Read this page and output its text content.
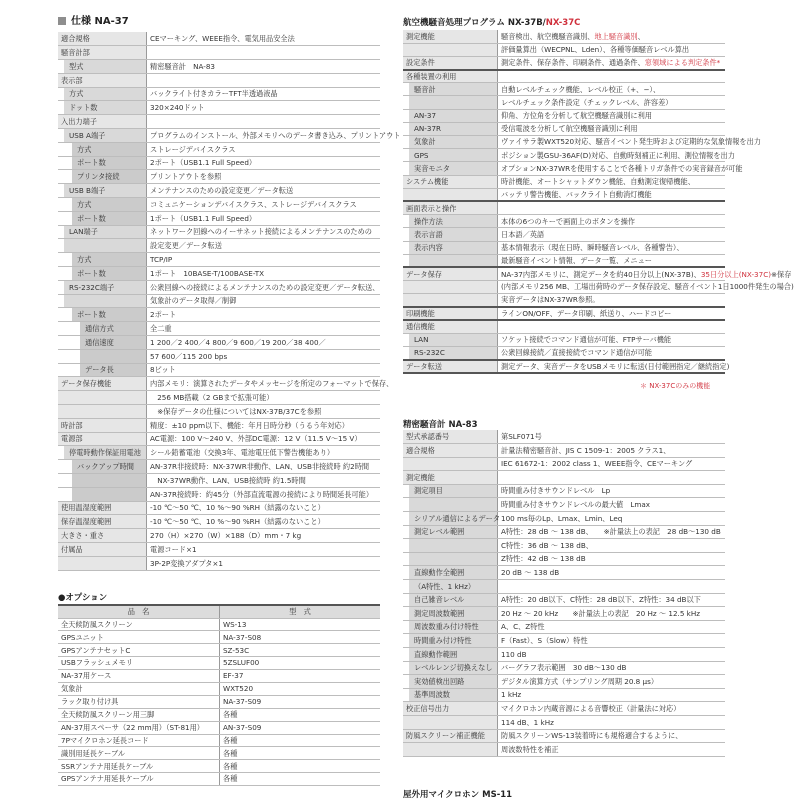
仕様 NA-37
適合規格	CEマーキング、WEEE指令、電気用品安全法
騒音計部	
型式	精密騒音計　NA-83
表示部	
方式	バックライト付きカラーTFT半透過液晶
ドット数	320×240ドット
入出力端子	
USB A端子	プログラムのインストール、外部メモリへのデータ書き込み、プリントアウト
方式	ストレージデバイスクラス
ポート数	2ポート（USB1.1 Full Speed）
プリンタ接続	プリントアウトを参照
USB B端子	メンテナンスのための設定変更／データ転送
方式	コミュニケーションデバイスクラス、ストレージデバイスクラス
ポート数	1ポート（USB1.1 Full Speed）
LAN端子	ネットワーク回線へのイーサネット接続によるメンテナンスのための
	設定変更／データ転送
方式	TCP/IP
ポート数	1ポート　10BASE-T/100BASE-TX
RS-232C端子	公衆回線への接続によるメンテナンスのための設定変更／データ転送、
	気象計のデータ取得／制御
ポート数	2ポート
通信方式	全二重
通信速度	1 200／2 400／4 800／9 600／19 200／38 400／
	57 600／115 200 bps
データ長	8ビット
データ保存機能	内部メモリ：演算されたデータやメッセージを所定のフォーマットで保存、
	　256 MB搭載（2 GBまで拡張可能）
	　※保存データの仕様についてはNX-37B/37Cを参照
時計部	精度：±10 ppm以下、機能：年月日時分秒（うるう年対応）
電源部	AC電源：100 V～240 V、外部DC電源：12 V（11.5 V～15 V）
停電時動作保証用電池	シール鉛蓄電池（交換3年、電池電圧低下警告機能あり）
バックアップ時間	AN-37R非接続時：NX-37WR非動作、LAN、USB非接続時 約2時間
	　NX-37WR動作、LAN、USB接続時 約1.5時間
	AN-37R接続時：約45分（外部直流電源の接続により時間延長可能）
使用温湿度範囲	-10 ℃～50 ℃、10 %～90 %RH（結露のないこと）
保存温湿度範囲	-10 ℃～50 ℃、10 %～90 %RH（結露のないこと）
大きさ・重さ	270（H）×270（W）×188（D）mm・7 kg
付属品	電源コード×1
	3P-2P変換アダプタ×1
●オプション
品　名	型　式
全天候防風スクリーン	WS-13
GPSユニット	NA-37-S08
GPSアンテナセットC	SZ-53C
USBフラッシュメモリ	5ZSLUF00
NA-37用ケース	EF-37
気象計	WXT520
ラック取り付け具	NA-37-S09
全天候防風スクリーン用三脚	各種
AN-37用スペーサ（22 mm用）（ST-81用）	AN-37-S09
7Pマイクロホン延長コード	各種
識別用延長ケーブル	各種
SSRアンテナ用延長ケーブル	各種
GPSアンテナ用延長ケーブル	各種
航空機騒音処理プログラム NX-37B/NX-37C
測定機能	騒音検出、航空機騒音識別、地上騒音識別、
	評価量算出（WECPNL、Lden）、各種等価騒音レベル算出
設定条件	測定条件、保存条件、印刷条件、通過条件、窓領域による判定条件*
各種装置の利用	
騒音計	自動レベルチェック機能、レベル校正（+、−）、
	レベルチェック条件設定（チェックレベル、許容差）
AN-37	仰角、方位角を分析して航空機騒音識別に利用
AN-37R	受信電波を分析して航空機騒音識別に利用
気象計	ヴァイサラ製WXT520対応、騒音イベント発生時および定期的な気象情報を出力
GPS	ポジション製GSU-36AF(D)対応、自動時刻補正に利用、測位情報を出力
実音モニタ	オプションNX-37WRを使用することで各種トリガ条件での実音録音が可能
システム機能	時計機能、オートシャットダウン機能、自動測定復帰機能、
	バッテリ警告機能、バックライト自動消灯機能
画面表示と操作	
操作方法	本体の6つのキーで画面上のボタンを操作
表示言語	日本語／英語
表示内容	基本情報表示（現在日時、瞬時騒音レベル、各種警告）、
	最新騒音イベント情報、データ一覧、メニュー
データ保存	NA-37内部メモリに、測定データを約40日分以上(NX-37B)、35日分以上(NX-37C)※保存
	(内部メモリ256 MB、工場出荷時のデータ保存設定、騒音イベント1日1000件発生の場合)
	実音データはNX-37WR参照。
印刷機能	ラインON/OFF、データ印刷、紙送り、ハードコピー
通信機能	
LAN	ソケット接続でコマンド通信が可能、FTPサーバ機能
RS-232C	公衆回線接続／直接接続でコマンド通信が可能
データ転送	測定データ、実音データをUSBメモリに転送(日付範囲指定／継続指定)
＊ NX-37Cのみの機能
精密騒音計 NA-83
型式承認番号	第SLF071号
適合規格	計量法精密騒音計、JIS C 1509-1：2005 クラス1、
	IEC 61672-1：2002 class 1、WEEE指令、CEマーキング
測定機能	
測定項目	時間重み付きサウンドレベル　Lp
	時間重み付きサウンドレベルの最大値　Lmax
シリアル通信によるデータ	100 ms毎のLp、Lmax、Lmin、Leq
測定レベル範囲	A特性：28 dB ～ 138 dB、　　※計量法上の表記　28 dB～130 dB
	C特性：36 dB ～ 138 dB、
	Z特性：42 dB ～ 138 dB
直線動作全範囲	20 dB ～ 138 dB
（A特性、1 kHz）	
自己雑音レベル	A特性：20 dB以下、C特性：28 dB以下、Z特性：34 dB以下
測定周波数範囲	20 Hz ～ 20 kHz　　※計量法上の表記　20 Hz ～ 12.5 kHz
周波数重み付け特性	A、C、Z特性
時間重み付け特性	F（Fast）、S（Slow）特性
直線動作範囲	110 dB
レベルレンジ切換えなし	バーグラフ表示範囲　30 dB～130 dB
実効値検出回路	デジタル演算方式（サンプリング周期 20.8 μs）
基準周波数	1 kHz
校正信号出力	マイクロホン内蔵音源による音響校正（計量法に対応）
	114 dB、1 kHz
防風スクリーン補正機能	防風スクリーンWS-13装着時にも規格適合するように、
	周波数特性を補正
屋外用マイクロホン MS-11
